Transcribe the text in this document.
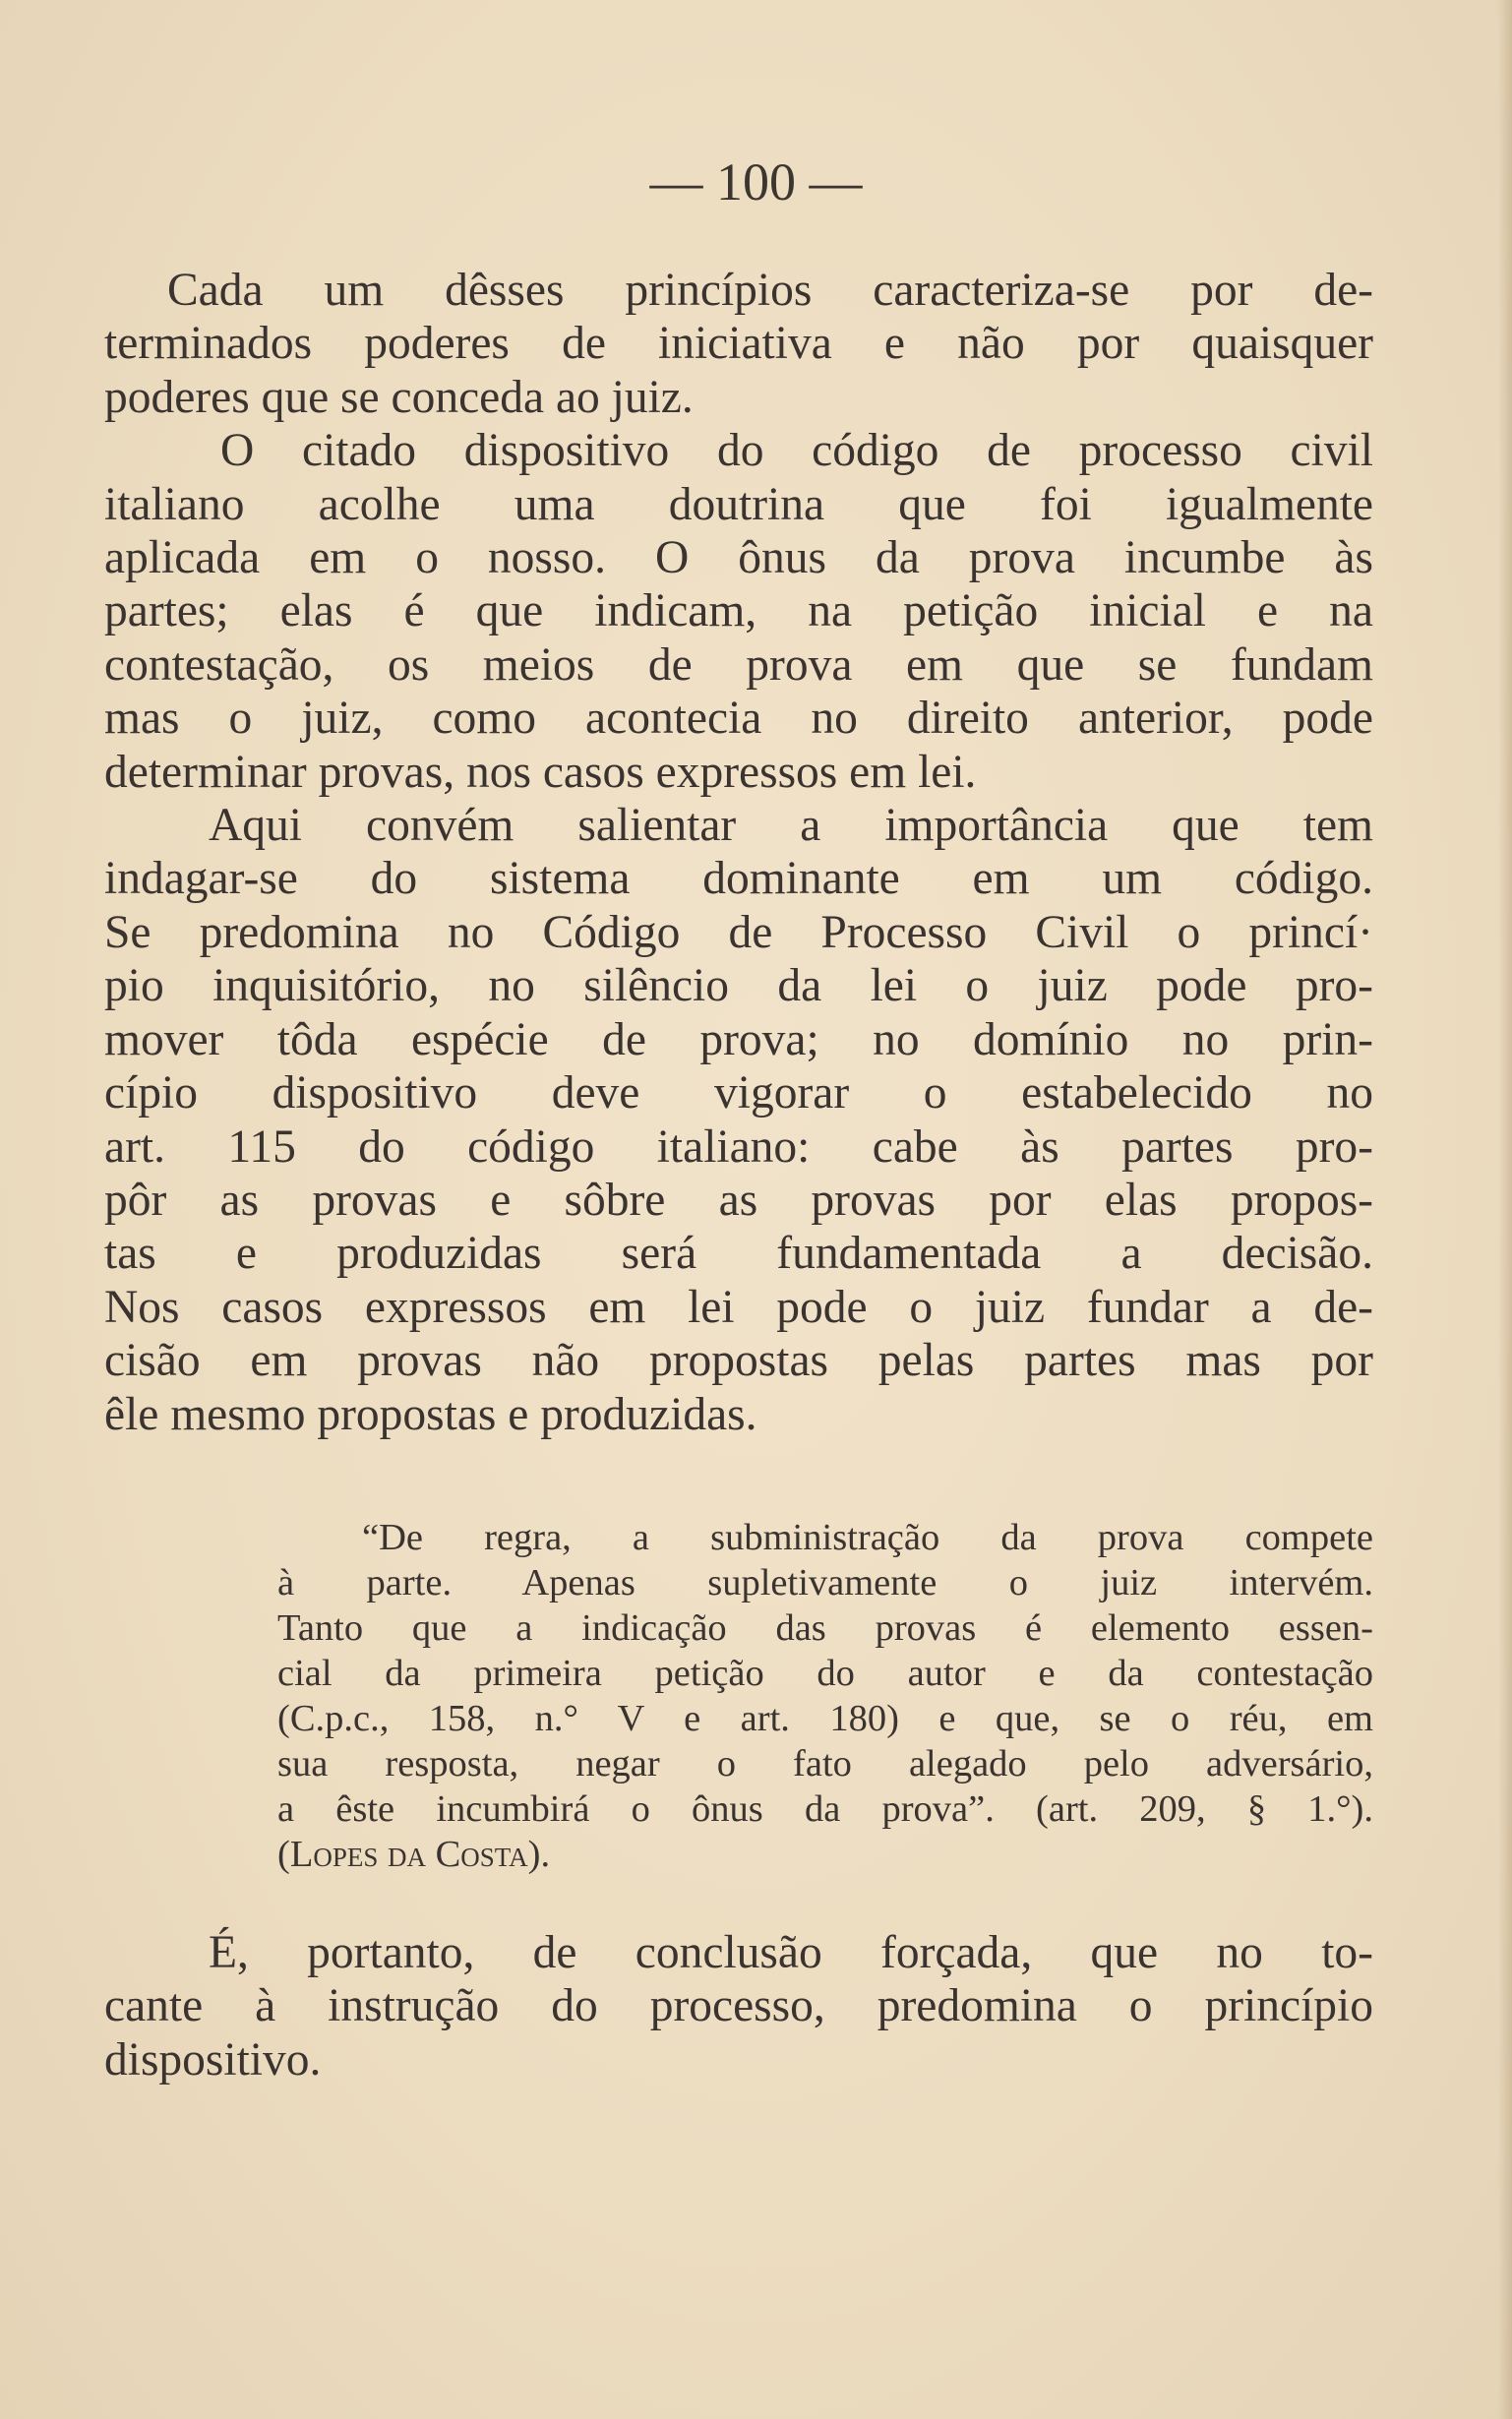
— 100 —
Cada um dêsses princípios caracteriza-se por de-
terminados poderes de iniciativa e não por quaisquer
poderes que se conceda ao juiz.
O citado dispositivo do código de processo civil
italiano acolhe uma doutrina que foi igualmente
aplicada em o nosso. O ônus da prova incumbe às
partes; elas é que indicam, na petição inicial e na
contestação, os meios de prova em que se fundam
mas o juiz, como acontecia no direito anterior, pode
determinar provas, nos casos expressos em lei.
Aqui convém salientar a importância que tem
indagar-se do sistema dominante em um código.
Se predomina no Código de Processo Civil o princí·
pio inquisitório, no silêncio da lei o juiz pode pro-
mover tôda espécie de prova; no domínio no prin-
cípio dispositivo deve vigorar o estabelecido no
art. 115 do código italiano: cabe às partes pro-
pôr as provas e sôbre as provas por elas propos-
tas e produzidas será fundamentada a decisão.
Nos casos expressos em lei pode o juiz fundar a de-
cisão em provas não propostas pelas partes mas por
êle mesmo propostas e produzidas.
“De regra, a subministração da prova compete
à parte. Apenas supletivamente o juiz intervém.
Tanto que a indicação das provas é elemento essen-
cial da primeira petição do autor e da contestação
(C.p.c., 158, n.° V e art. 180) e que, se o réu, em
sua resposta, negar o fato alegado pelo adversário,
a êste incumbirá o ônus da prova”. (art. 209, § 1.°).
(Lopes da Costa).
É, portanto, de conclusão forçada, que no to-
cante à instrução do processo, predomina o princípio
dispositivo.
